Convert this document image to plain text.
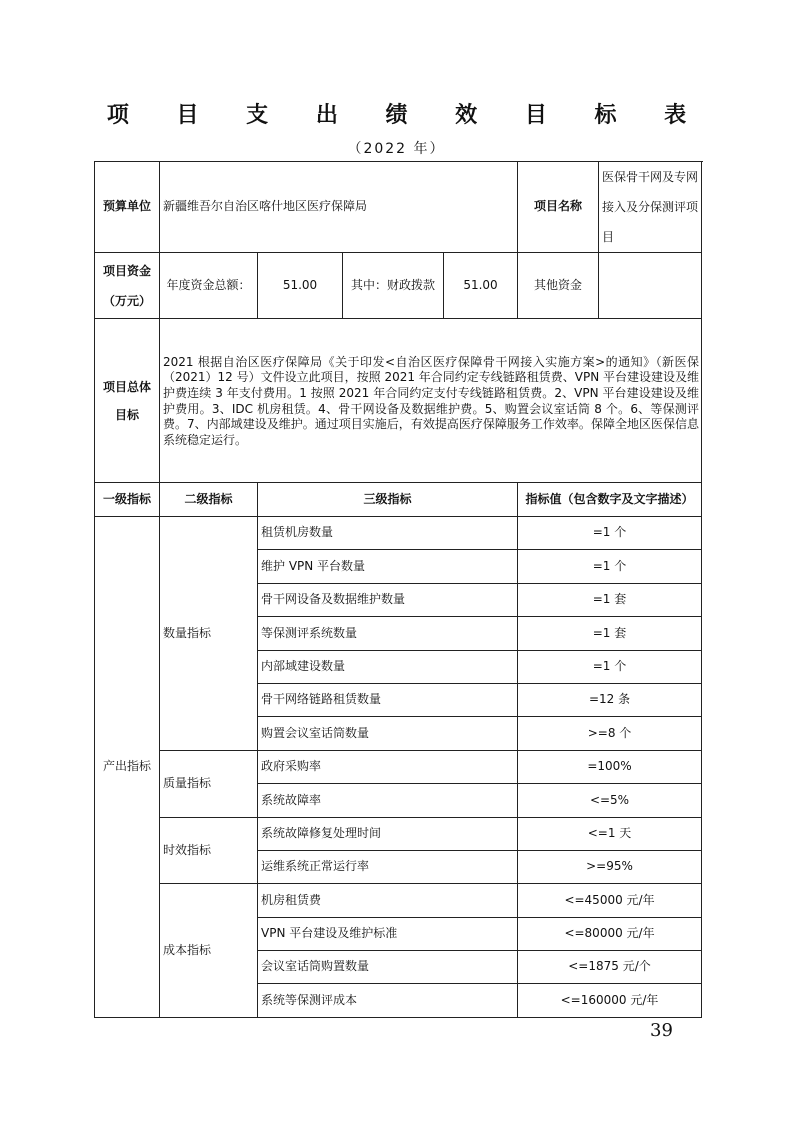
项 目 支 出 绩 效 目 标 表
（2022 年）
预算单位	新疆维吾尔自治区喀什地区医疗保障局				项目名称	医保骨干网及专网接入及分保测评项目
项目资金（万元）	年度资金总额：	51.00	其中：财政拨款	51.00	其他资金	
项目总体目标	2021 根据自治区医疗保障局《关于印发<自治区医疗保障骨干网接入实施方案>的通知》（新医保（2021）12 号）文件设立此项目，按照 2021 年合同约定专线链路租赁费、VPN 平台建设建设及维护费连续 3 年支付费用。1 按照 2021 年合同约定支付专线链路租赁费。2、VPN 平台建设建设及维护费用。3、IDC 机房租赁。4、骨干网设备及数据维护费。5、购置会议室话筒 8 个。6、等保测评费。7、内部域建设及维护。通过项目实施后，有效提高医疗保障服务工作效率。保障全地区医保信息系统稳定运行。					
一级指标	二级指标	三级指标			指标值（包含数字及文字描述）	
产出指标	数量指标	租赁机房数量			=1 个	
		维护 VPN 平台数量			=1 个	
		骨干网设备及数据维护数量			=1 套	
		等保测评系统数量			=1 套	
		内部域建设数量			=1 个	
		骨干网络链路租赁数量			=12 条	
		购置会议室话筒数量			>=8 个	
	质量指标	政府采购率			=100%	
		系统故障率			<=5%	
	时效指标	系统故障修复处理时间			<=1 天	
		运维系统正常运行率			>=95%	
	成本指标	机房租赁费			<=45000 元/年	
		VPN 平台建设及维护标准			<=80000 元/年	
		会议室话筒购置数量			<=1875 元/个	
		系统等保测评成本			<=160000 元/年	
39
